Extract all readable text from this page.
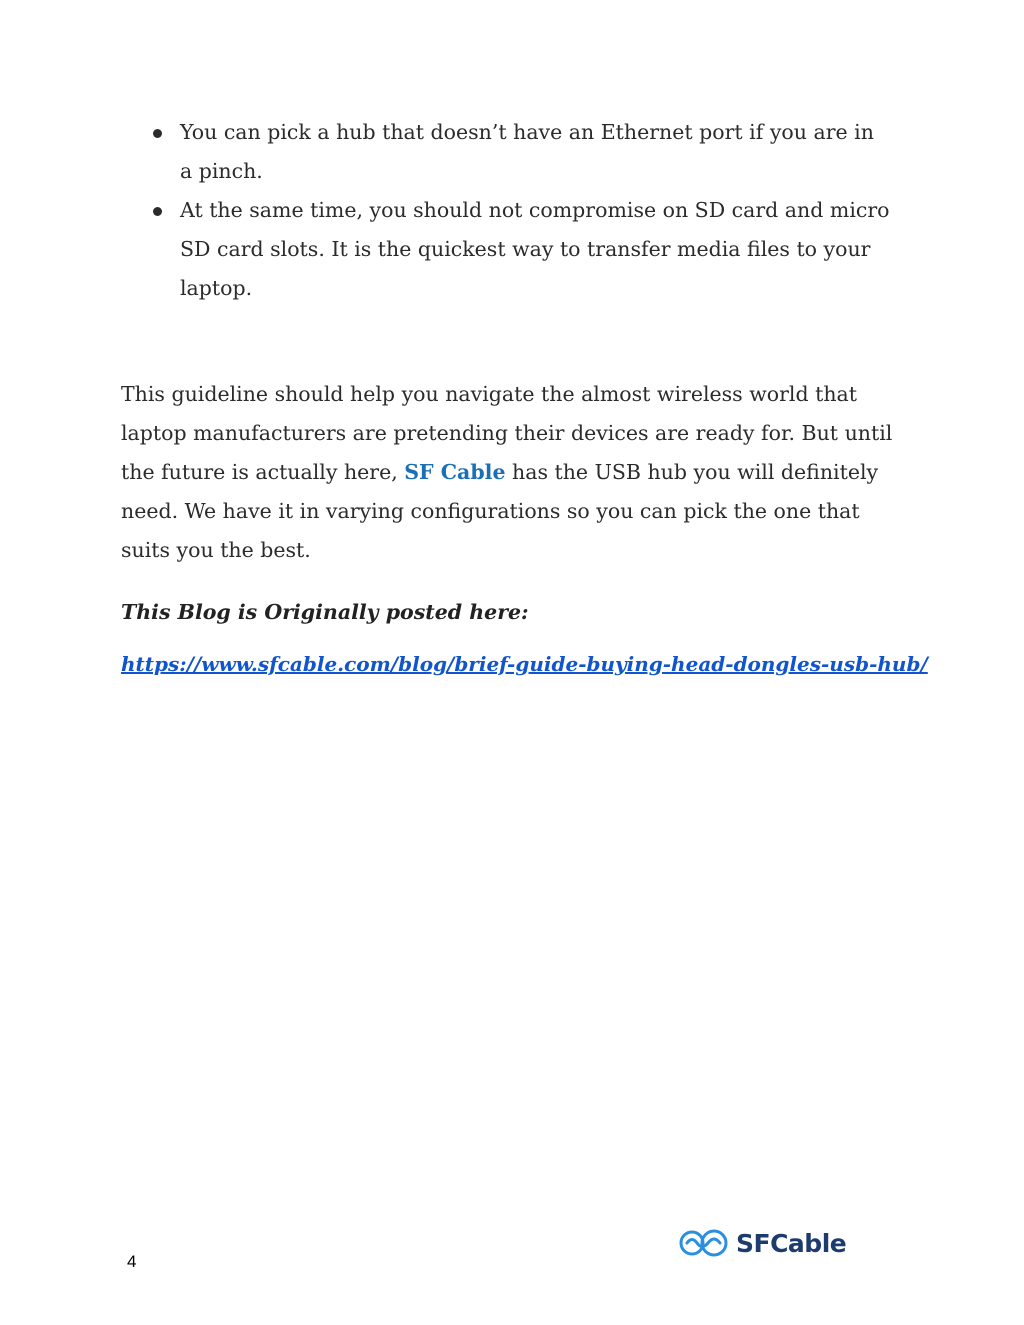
You can pick a hub that doesn’t have an Ethernet port if you are in a pinch.
At the same time, you should not compromise on SD card and micro SD card slots. It is the quickest way to transfer media files to your laptop.

This guideline should help you navigate the almost wireless world that laptop manufacturers are pretending their devices are ready for. But until the future is actually here, SF Cable has the USB hub you will definitely need. We have it in varying configurations so you can pick the one that suits you the best.

This Blog is Originally posted here:

https://www.sfcable.com/blog/brief-guide-buying-head-dongles-usb-hub/
4
SFCable
